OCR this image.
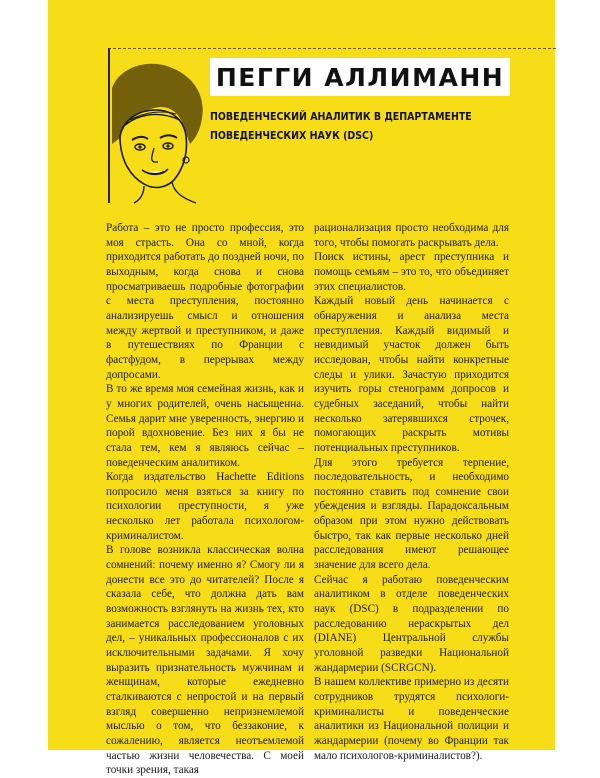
ПЕГГИ АЛЛИМАНН
ПОВЕДЕНЧЕСКИЙ АНАЛИТИК В ДЕПАРТАМЕНТЕ
ПОВЕДЕНЧЕСКИХ НАУК (DSC)

Работа – это не просто профессия, это моя страсть. Она со мной, когда приходится работать до поздней ночи, по выходным, когда снова и снова просматриваешь подробные фотографии с места преступления, постоянно анализируешь смысл и отношения между жертвой и преступником, и даже в путешествиях по Франции с фастфудом, в перерывах между допросами.

В то же время моя семейная жизнь, как и у многих родителей, очень насыщенна. Семья дарит мне уверенность, энергию и порой вдохновение. Без них я бы не стала тем, кем я являюсь сейчас – поведенческим аналитиком.

Когда издательство Hachette Editions попросило меня взяться за книгу по психологии преступности, я уже несколько лет работала психологом-криминалистом.

В голове возникла классическая волна сомнений: почему именно я? Смогу ли я донести все это до читателей? После я сказала себе, что должна дать вам возможность взглянуть на жизнь тех, кто занимается расследованием уголовных дел, – уникальных профессионалов с их исключительными задачами. Я хочу выразить признательность мужчинам и женщинам, которые ежедневно сталкиваются с непростой и на первый взгляд совершенно непризнемлемой мыслью о том, что беззаконие, к сожалению, является неотъемлемой частью жизни человечества. С моей точки зрения, такая

рационализация просто необходима для того, чтобы помогать раскрывать дела.

Поиск истины, арест преступника и помощь семьям – это то, что объединяет этих специалистов.

Каждый новый день начинается с обнаружения и анализа места преступления. Каждый видимый и невидимый участок должен быть исследован, чтобы найти конкретные следы и улики. Зачастую приходится изучить горы стенограмм допросов и судебных заседаний, чтобы найти несколько затерявшихся строчек, помогающих раскрыть мотивы потенциальных преступников.

Для этого требуется терпение, последовательность, и необходимо постоянно ставить под сомнение свои убеждения и взгляды. Парадоксальным образом при этом нужно действовать быстро, так как первые несколько дней расследования имеют решающее значение для всего дела.

Сейчас я работаю поведенческим аналитиком в отделе поведенческих наук (DSC) в подразделении по расследованию нераскрытых дел (DIANE) Центральной службы уголовной разведки Национальной жандармерии (SCRGCN).

В нашем коллективе примерно из десяти сотрудников трудятся психологи-криминалисты и поведенческие аналитики из Национальной полиции и жандармерии (почему во Франции так мало психологов-криминалистов?).
